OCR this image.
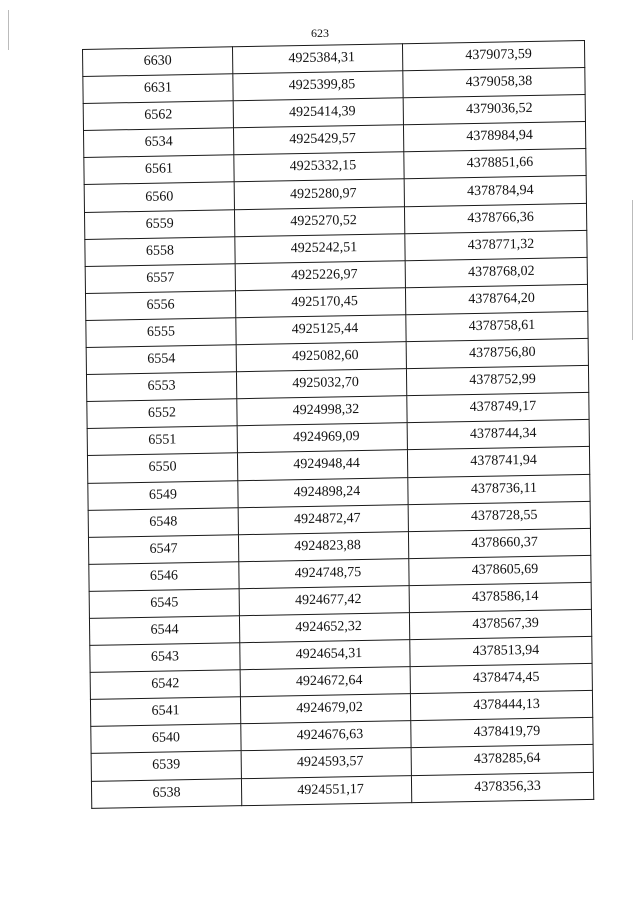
623
6630	4925384,31	4379073,59
6631	4925399,85	4379058,38
6562	4925414,39	4379036,52
6534	4925429,57	4378984,94
6561	4925332,15	4378851,66
6560	4925280,97	4378784,94
6559	4925270,52	4378766,36
6558	4925242,51	4378771,32
6557	4925226,97	4378768,02
6556	4925170,45	4378764,20
6555	4925125,44	4378758,61
6554	4925082,60	4378756,80
6553	4925032,70	4378752,99
6552	4924998,32	4378749,17
6551	4924969,09	4378744,34
6550	4924948,44	4378741,94
6549	4924898,24	4378736,11
6548	4924872,47	4378728,55
6547	4924823,88	4378660,37
6546	4924748,75	4378605,69
6545	4924677,42	4378586,14
6544	4924652,32	4378567,39
6543	4924654,31	4378513,94
6542	4924672,64	4378474,45
6541	4924679,02	4378444,13
6540	4924676,63	4378419,79
6539	4924593,57	4378285,64
6538	4924551,17	4378356,33
